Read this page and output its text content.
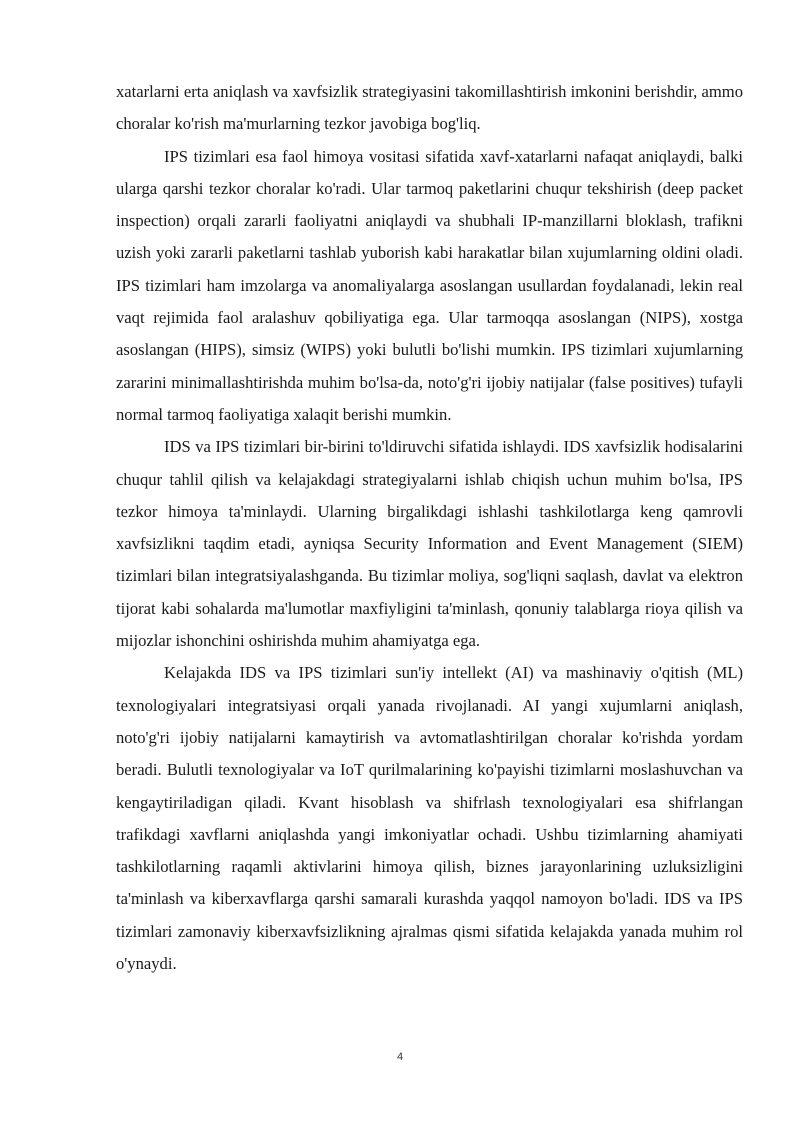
xatarlarni erta aniqlash va xavfsizlik strategiyasini takomillashtirish imkonini berishdir, ammo choralar ko'rish ma'murlarning tezkor javobiga bog'liq.

IPS tizimlari esa faol himoya vositasi sifatida xavf-xatarlarni nafaqat aniqlaydi, balki ularga qarshi tezkor choralar ko'radi. Ular tarmoq paketlarini chuqur tekshirish (deep packet inspection) orqali zararli faoliyatni aniqlaydi va shubhali IP-manzillarni bloklash, trafikni uzish yoki zararli paketlarni tashlab yuborish kabi harakatlar bilan xujumlarning oldini oladi. IPS tizimlari ham imzolarga va anomaliyalarga asoslangan usullardan foydalanadi, lekin real vaqt rejimida faol aralashuv qobiliyatiga ega. Ular tarmoqqa asoslangan (NIPS), xostga asoslangan (HIPS), simsiz (WIPS) yoki bulutli bo'lishi mumkin. IPS tizimlari xujumlarning zararini minimallashtirishda muhim bo'lsa-da, noto'g'ri ijobiy natijalar (false positives) tufayli normal tarmoq faoliyatiga xalaqit berishi mumkin.

IDS va IPS tizimlari bir-birini to'ldiruvchi sifatida ishlaydi. IDS xavfsizlik hodisalarini chuqur tahlil qilish va kelajakdagi strategiyalarni ishlab chiqish uchun muhim bo'lsa, IPS tezkor himoya ta'minlaydi. Ularning birgalikdagi ishlashi tashkilotlarga keng qamrovli xavfsizlikni taqdim etadi, ayniqsa Security Information and Event Management (SIEM) tizimlari bilan integratsiyalashganda. Bu tizimlar moliya, sog'liqni saqlash, davlat va elektron tijorat kabi sohalarda ma'lumotlar maxfiyligini ta'minlash, qonuniy talablarga rioya qilish va mijozlar ishonchini oshirishda muhim ahamiyatga ega.

Kelajakda IDS va IPS tizimlari sun'iy intellekt (AI) va mashinaviy o'qitish (ML) texnologiyalari integratsiyasi orqali yanada rivojlanadi. AI yangi xujumlarni aniqlash, noto'g'ri ijobiy natijalarni kamaytirish va avtomatlashtirilgan choralar ko'rishda yordam beradi. Bulutli texnologiyalar va IoT qurilmalarining ko'payishi tizimlarni moslashuvchan va kengaytiriladigan qiladi. Kvant hisoblash va shifrlash texnologiyalari esa shifrlangan trafikdagi xavflarni aniqlashda yangi imkoniyatlar ochadi. Ushbu tizimlarning ahamiyati tashkilotlarning raqamli aktivlarini himoya qilish, biznes jarayonlarining uzluksizligini ta'minlash va kiberxavflarga qarshi samarali kurashda yaqqol namoyon bo'ladi. IDS va IPS tizimlari zamonaviy kiberxavfsizlikning ajralmas qismi sifatida kelajakda yanada muhim rol o'ynaydi.

4
